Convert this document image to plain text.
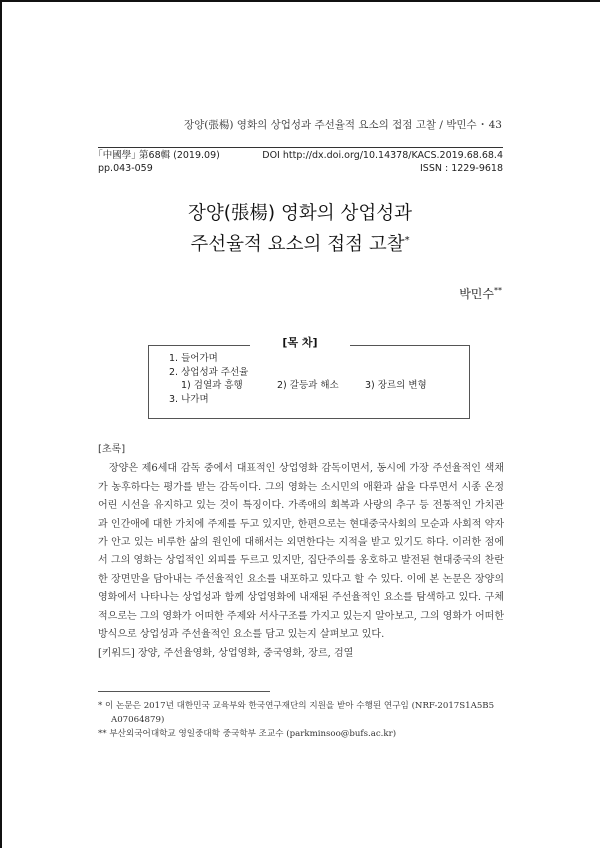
장양(張楊) 영화의 상업성과 주선율적 요소의 접점 고찰 / 박민수 ･ 43
｢中國學｣ 第68輯 (2019.09)	DOI http://dx.doi.org/10.14378/KACS.2019.68.68.4
pp.043-059	ISSN : 1229-9618
장양(張楊) 영화의 상업성과
주선율적 요소의 접점 고찰*
박민수**
1. 들어가며
2. 상업성과 주선율
1) 검열과 흥행	2) 갈등과 해소	3) 장르의 변형
3. 나가며
[목 차]
[초록]

장양은 제6세대 감독 중에서 대표적인 상업영화 감독이면서, 동시에 가장 주선율적인 색채가 농후하다는 평가를 받는 감독이다. 그의 영화는 소시민의 애환과 삶을 다루면서 시종 온정어린 시선을 유지하고 있는 것이 특징이다. 가족애의 회복과 사랑의 추구 등 전통적인 가치관과 인간애에 대한 가치에 주제를 두고 있지만, 한편으로는 현대중국사회의 모순과 사회적 약자가 안고 있는 비루한 삶의 원인에 대해서는 외면한다는 지적을 받고 있기도 하다. 이러한 점에서 그의 영화는 상업적인 외피를 두르고 있지만, 집단주의를 옹호하고 발전된 현대중국의 찬란한 장면만을 담아내는 주선율적인 요소를 내포하고 있다고 할 수 있다. 이에 본 논문은 장양의 영화에서 나타나는 상업성과 함께 상업영화에 내재된 주선율적인 요소를 탐색하고 있다. 구체적으로는 그의 영화가 어떠한 주제와 서사구조를 가지고 있는지 알아보고, 그의 영화가 어떠한 방식으로 상업성과 주선율적인 요소를 담고 있는지 살펴보고 있다.

[키워드] 장양, 주선율영화, 상업영화, 중국영화, 장르, 검열
* 이 논문은 2017년 대한민국 교육부와 한국연구재단의 지원을 받아 수행된 연구임 (NRF-2017S1A5B5
A07064879)
** 부산외국어대학교 영일중대학 중국학부 조교수 (parkminsoo@bufs.ac.kr)
